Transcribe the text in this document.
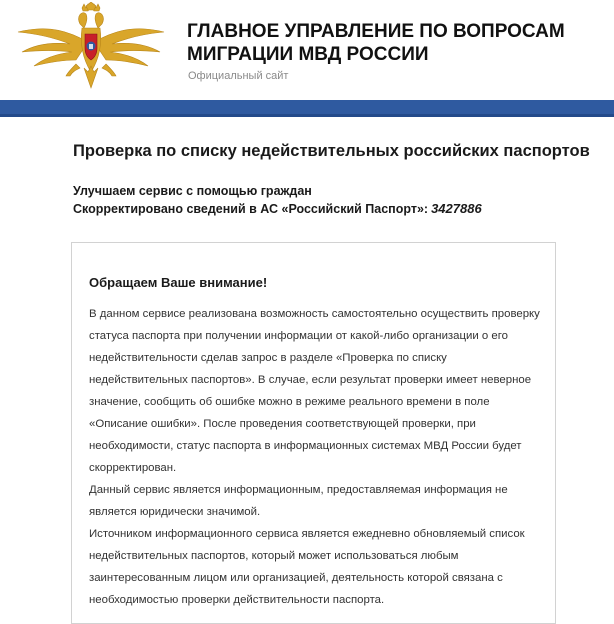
ГЛАВНОЕ УПРАВЛЕНИЕ ПО ВОПРОСАМ МИГРАЦИИ МВД РОССИИ
Официальный сайт
Проверка по списку недействительных российских паспортов
Улучшаем сервис с помощью граждан
Скорректировано сведений в АС «Российский Паспорт»: 3427886
Обращаем Ваше внимание!

В данном сервисе реализована возможность самостоятельно осуществить проверку статуса паспорта при получении информации от какой-либо организации о его недействительности сделав запрос в разделе «Проверка по списку недействительных паспортов». В случае, если результат проверки имеет неверное значение, сообщить об ошибке можно в режиме реального времени в поле «Описание ошибки». После проведения соответствующей проверки, при необходимости, статус паспорта в информационных системах МВД России будет скорректирован.

Данный сервис является информационным, предоставляемая информация не является юридически значимой.

Источником информационного сервиса является ежедневно обновляемый список недействительных паспортов, который может использоваться любым заинтересованным лицом или организацией, деятельность которой связана с необходимостью проверки действительности паспорта.
